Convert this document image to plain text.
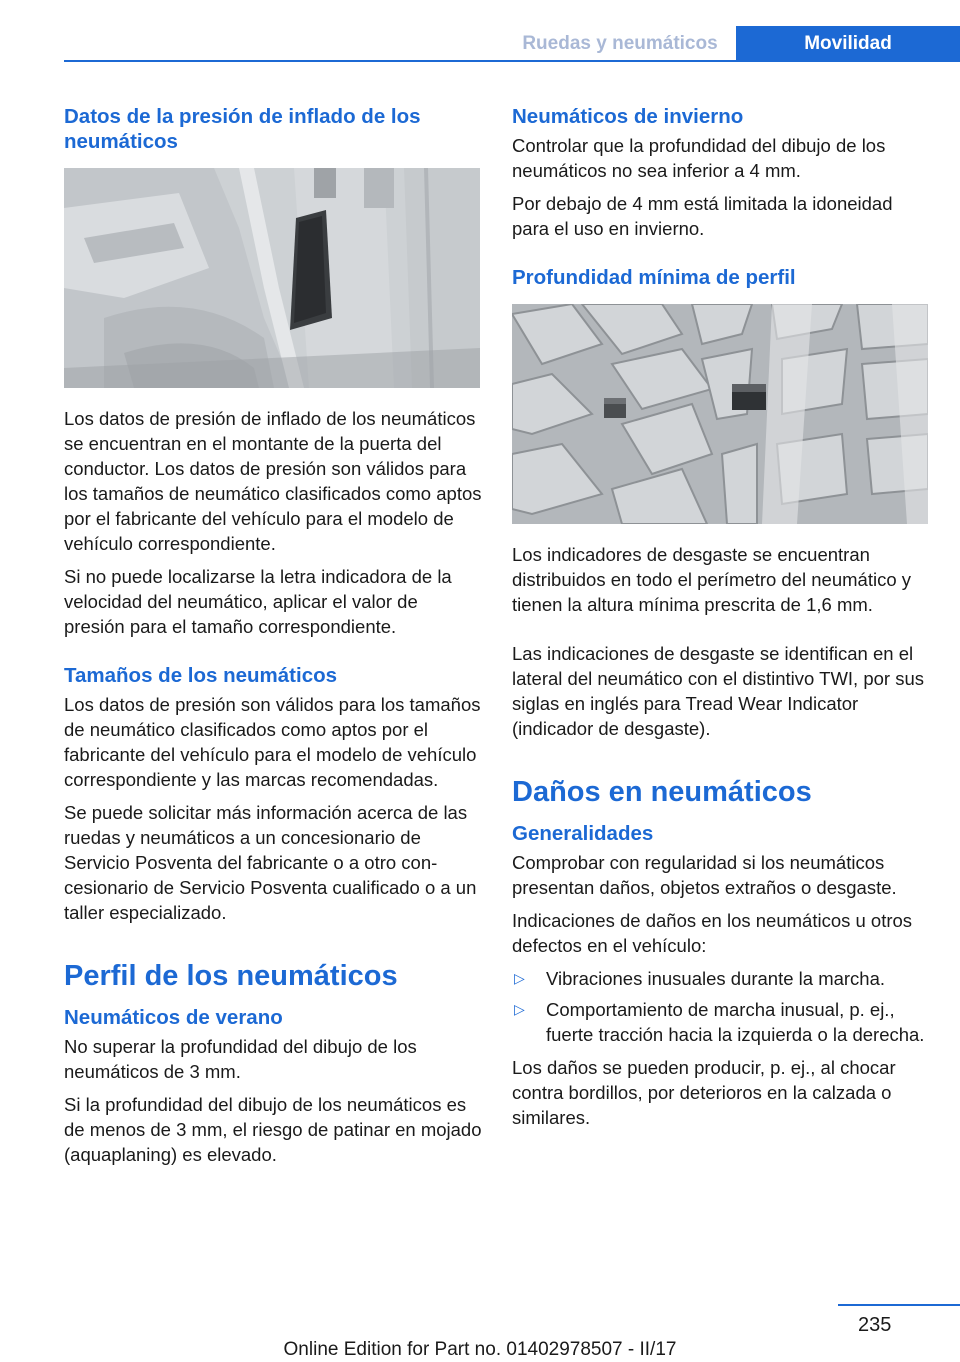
Ruedas y neumáticos	Movilidad
Datos de la presión de inflado de los neumáticos

Los datos de presión de inflado de los neumáticos se encuentran en el montante de la puerta del conductor. Los datos de presión son válidos para los tamaños de neumático clasificados como aptos por el fabricante del vehículo para el modelo de vehículo correspondiente.

Si no puede localizarse la letra indicadora de la velocidad del neumático, aplicar el valor de presión para el tamaño correspondiente.

Tamaños de los neumáticos

Los datos de presión son válidos para los tamaños de neumático clasificados como aptos por el fabricante del vehículo para el modelo de vehículo correspondiente y las marcas recomendadas.

Se puede solicitar más información acerca de las ruedas y neumáticos a un concesionario de Servicio Posventa del fabricante o a otro concesionario de Servicio Posventa cualificado o a un taller especializado.

Perfil de los neumáticos
Neumáticos de verano

No superar la profundidad del dibujo de los neumáticos de 3 mm.

Si la profundidad del dibujo de los neumáticos es de menos de 3 mm, el riesgo de patinar en mojado (aquaplaning) es elevado.

Neumáticos de invierno

Controlar que la profundidad del dibujo de los neumáticos no sea inferior a 4 mm.

Por debajo de 4 mm está limitada la idoneidad para el uso en invierno.

Profundidad mínima de perfil

Los indicadores de desgaste se encuentran distribuidos en todo el perímetro del neumático y tienen la altura mínima prescrita de 1,6 mm.

Las indicaciones de desgaste se identifican en el lateral del neumático con el distintivo TWI, por sus siglas en inglés para Tread Wear Indicator (indicador de desgaste).

Daños en neumáticos
Generalidades

Comprobar con regularidad si los neumáticos presentan daños, objetos extraños o desgaste.

Indicaciones de daños en los neumáticos u otros defectos en el vehículo:

▷ Vibraciones inusuales durante la marcha.
▷ Comportamiento de marcha inusual, p. ej., fuerte tracción hacia la izquierda o la derecha.

Los daños se pueden producir, p. ej., al chocar contra bordillos, por deterioros en la calzada o similares.

235
Online Edition for Part no. 01402978507 - II/17
